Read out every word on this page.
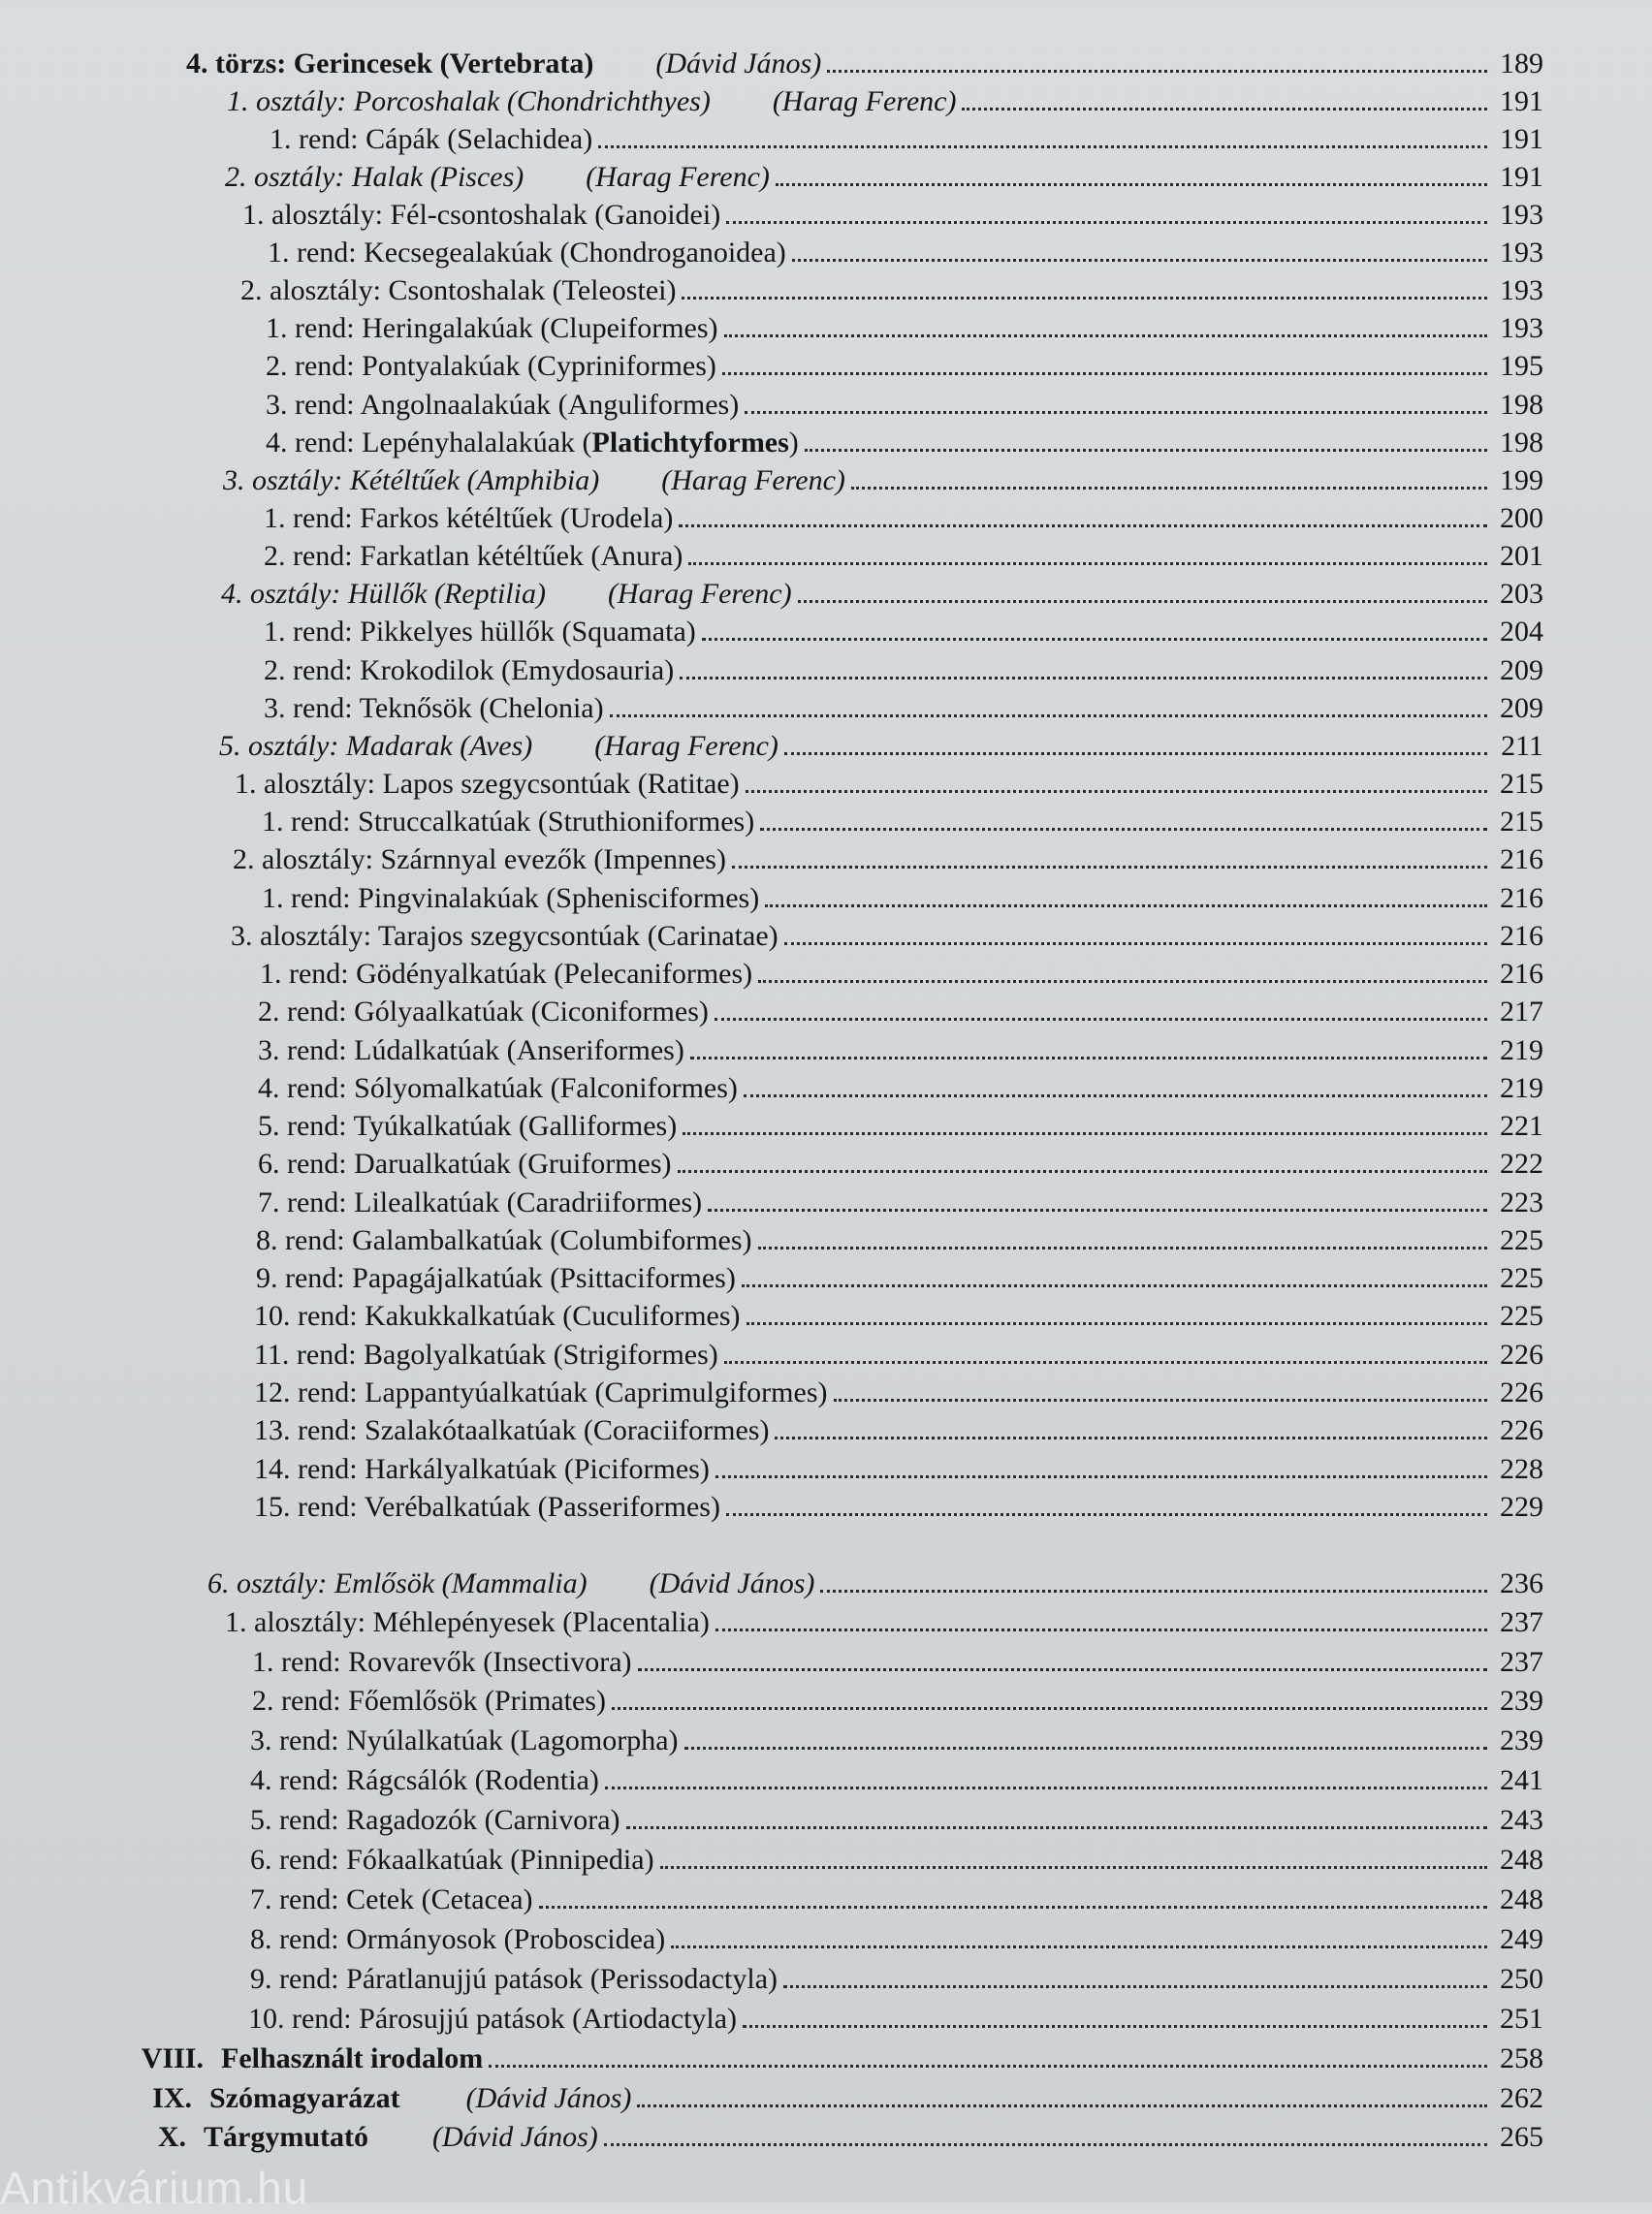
4. törzs: Gerincesek (Vertebrata) (Dávid János)	189
1. osztály: Porcoshalak (Chondrichthyes) (Harag Ferenc)	191
1. rend: Cápák (Selachidea)	191
2. osztály: Halak (Pisces) (Harag Ferenc)	191
1. alosztály: Fél-csontoshalak (Ganoidei)	193
1. rend: Kecsegealakúak (Chondroganoidea)	193
2. alosztály: Csontoshalak (Teleostei)	193
1. rend: Heringalakúak (Clupeiformes)	193
2. rend: Pontyalakúak (Cypriniformes)	195
3. rend: Angolnaalakúak (Anguliformes)	198
4. rend: Lepényhalalakúak (Platichtyformes)	198
3. osztály: Kétéltűek (Amphibia) (Harag Ferenc)	199
1. rend: Farkos kétéltűek (Urodela)	200
2. rend: Farkatlan kétéltűek (Anura)	201
4. osztály: Hüllők (Reptilia) (Harag Ferenc)	203
1. rend: Pikkelyes hüllők (Squamata)	204
2. rend: Krokodilok (Emydosauria)	209
3. rend: Teknősök (Chelonia)	209
5. osztály: Madarak (Aves) (Harag Ferenc)	211
1. alosztály: Lapos szegycsontúak (Ratitae)	215
1. rend: Struccalkatúak (Struthioniformes)	215
2. alosztály: Szárnnyal evezők (Impennes)	216
1. rend: Pingvinalakúak (Sphenisciformes)	216
3. alosztály: Tarajos szegycsontúak (Carinatae)	216
1. rend: Gödényalkatúak (Pelecaniformes)	216
2. rend: Gólyaalkatúak (Ciconiformes)	217
3. rend: Lúdalkatúak (Anseriformes)	219
4. rend: Sólyomalkatúak (Falconiformes)	219
5. rend: Tyúkalkatúak (Galliformes)	221
6. rend: Darualkatúak (Gruiformes)	222
7. rend: Lilealkatúak (Caradriiformes)	223
8. rend: Galambalkatúak (Columbiformes)	225
9. rend: Papagájalkatúak (Psittaciformes)	225
10. rend: Kakukkalkatúak (Cuculiformes)	225
11. rend: Bagolyalkatúak (Strigiformes)	226
12. rend: Lappantyúalkatúak (Caprimulgiformes)	226
13. rend: Szalakótaalkatúak (Coraciiformes)	226
14. rend: Harkályalkatúak (Piciformes)	228
15. rend: Verébalkatúak (Passeriformes)	229
6. osztály: Emlősök (Mammalia) (Dávid János)	236
1. alosztály: Méhlepényesek (Placentalia)	237
1. rend: Rovarevők (Insectivora)	237
2. rend: Főemlősök (Primates)	239
3. rend: Nyúlalkatúak (Lagomorpha)	239
4. rend: Rágcsálók (Rodentia)	241
5. rend: Ragadozók (Carnivora)	243
6. rend: Fókaalkatúak (Pinnipedia)	248
7. rend: Cetek (Cetacea)	248
8. rend: Ormányosok (Proboscidea)	249
9. rend: Páratlanujjú patások (Perissodactyla)	250
10. rend: Párosujjú patások (Artiodactyla)	251
VIII. Felhasznált irodalom	258
IX. Szómagyarázat (Dávid János)	262
X. Tárgymutató (Dávid János)	265
Antikvárium.hu
